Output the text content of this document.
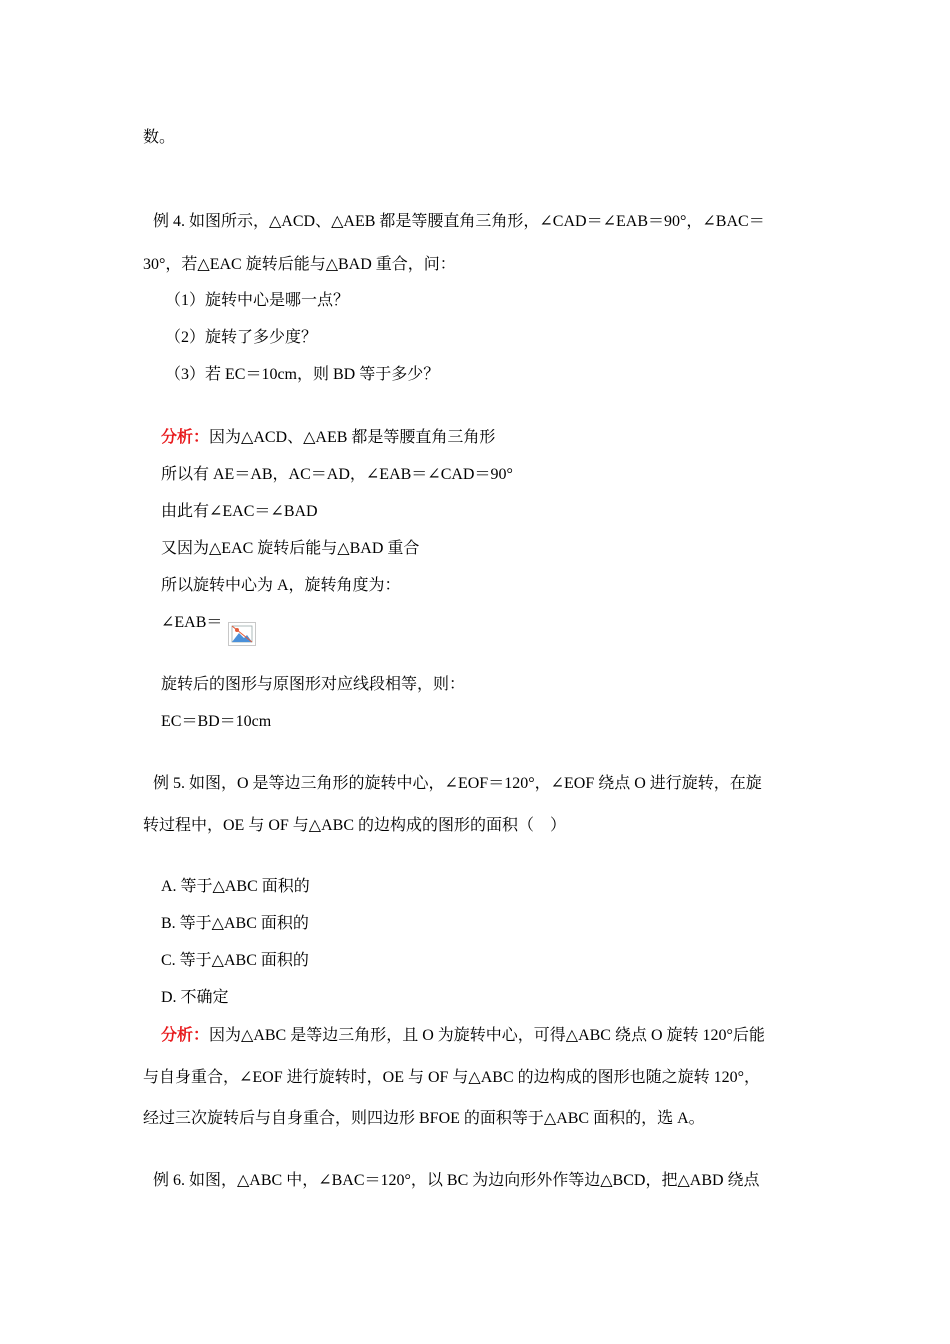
数。
例 4. 如图所示，△ACD、△AEB 都是等腰直角三角形，∠CAD＝∠EAB＝90°，∠BAC＝
30°，若△EAC 旋转后能与△BAD 重合，问：
（1）旋转中心是哪一点？
（2）旋转了多少度？
（3）若 EC＝10cm，则 BD 等于多少？
分析：因为△ACD、△AEB 都是等腰直角三角形
所以有 AE＝AB，AC＝AD，∠EAB＝∠CAD＝90°
由此有∠EAC＝∠BAD
又因为△EAC 旋转后能与△BAD 重合
所以旋转中心为 A，旋转角度为：
∠EAB＝
旋转后的图形与原图形对应线段相等，则：
EC＝BD＝10cm
例 5. 如图，O 是等边三角形的旋转中心，∠EOF＝120°，∠EOF 绕点 O 进行旋转，在旋
转过程中，OE 与 OF 与△ABC 的边构成的图形的面积（　）
A. 等于△ABC 面积的
B. 等于△ABC 面积的
C. 等于△ABC 面积的
D. 不确定
分析：因为△ABC 是等边三角形，且 O 为旋转中心，可得△ABC 绕点 O 旋转 120°后能
与自身重合，∠EOF 进行旋转时，OE 与 OF 与△ABC 的边构成的图形也随之旋转 120°，
经过三次旋转后与自身重合，则四边形 BFOE 的面积等于△ABC 面积的，选 A。
例 6. 如图，△ABC 中，∠BAC＝120°，以 BC 为边向形外作等边△BCD，把△ABD 绕点
